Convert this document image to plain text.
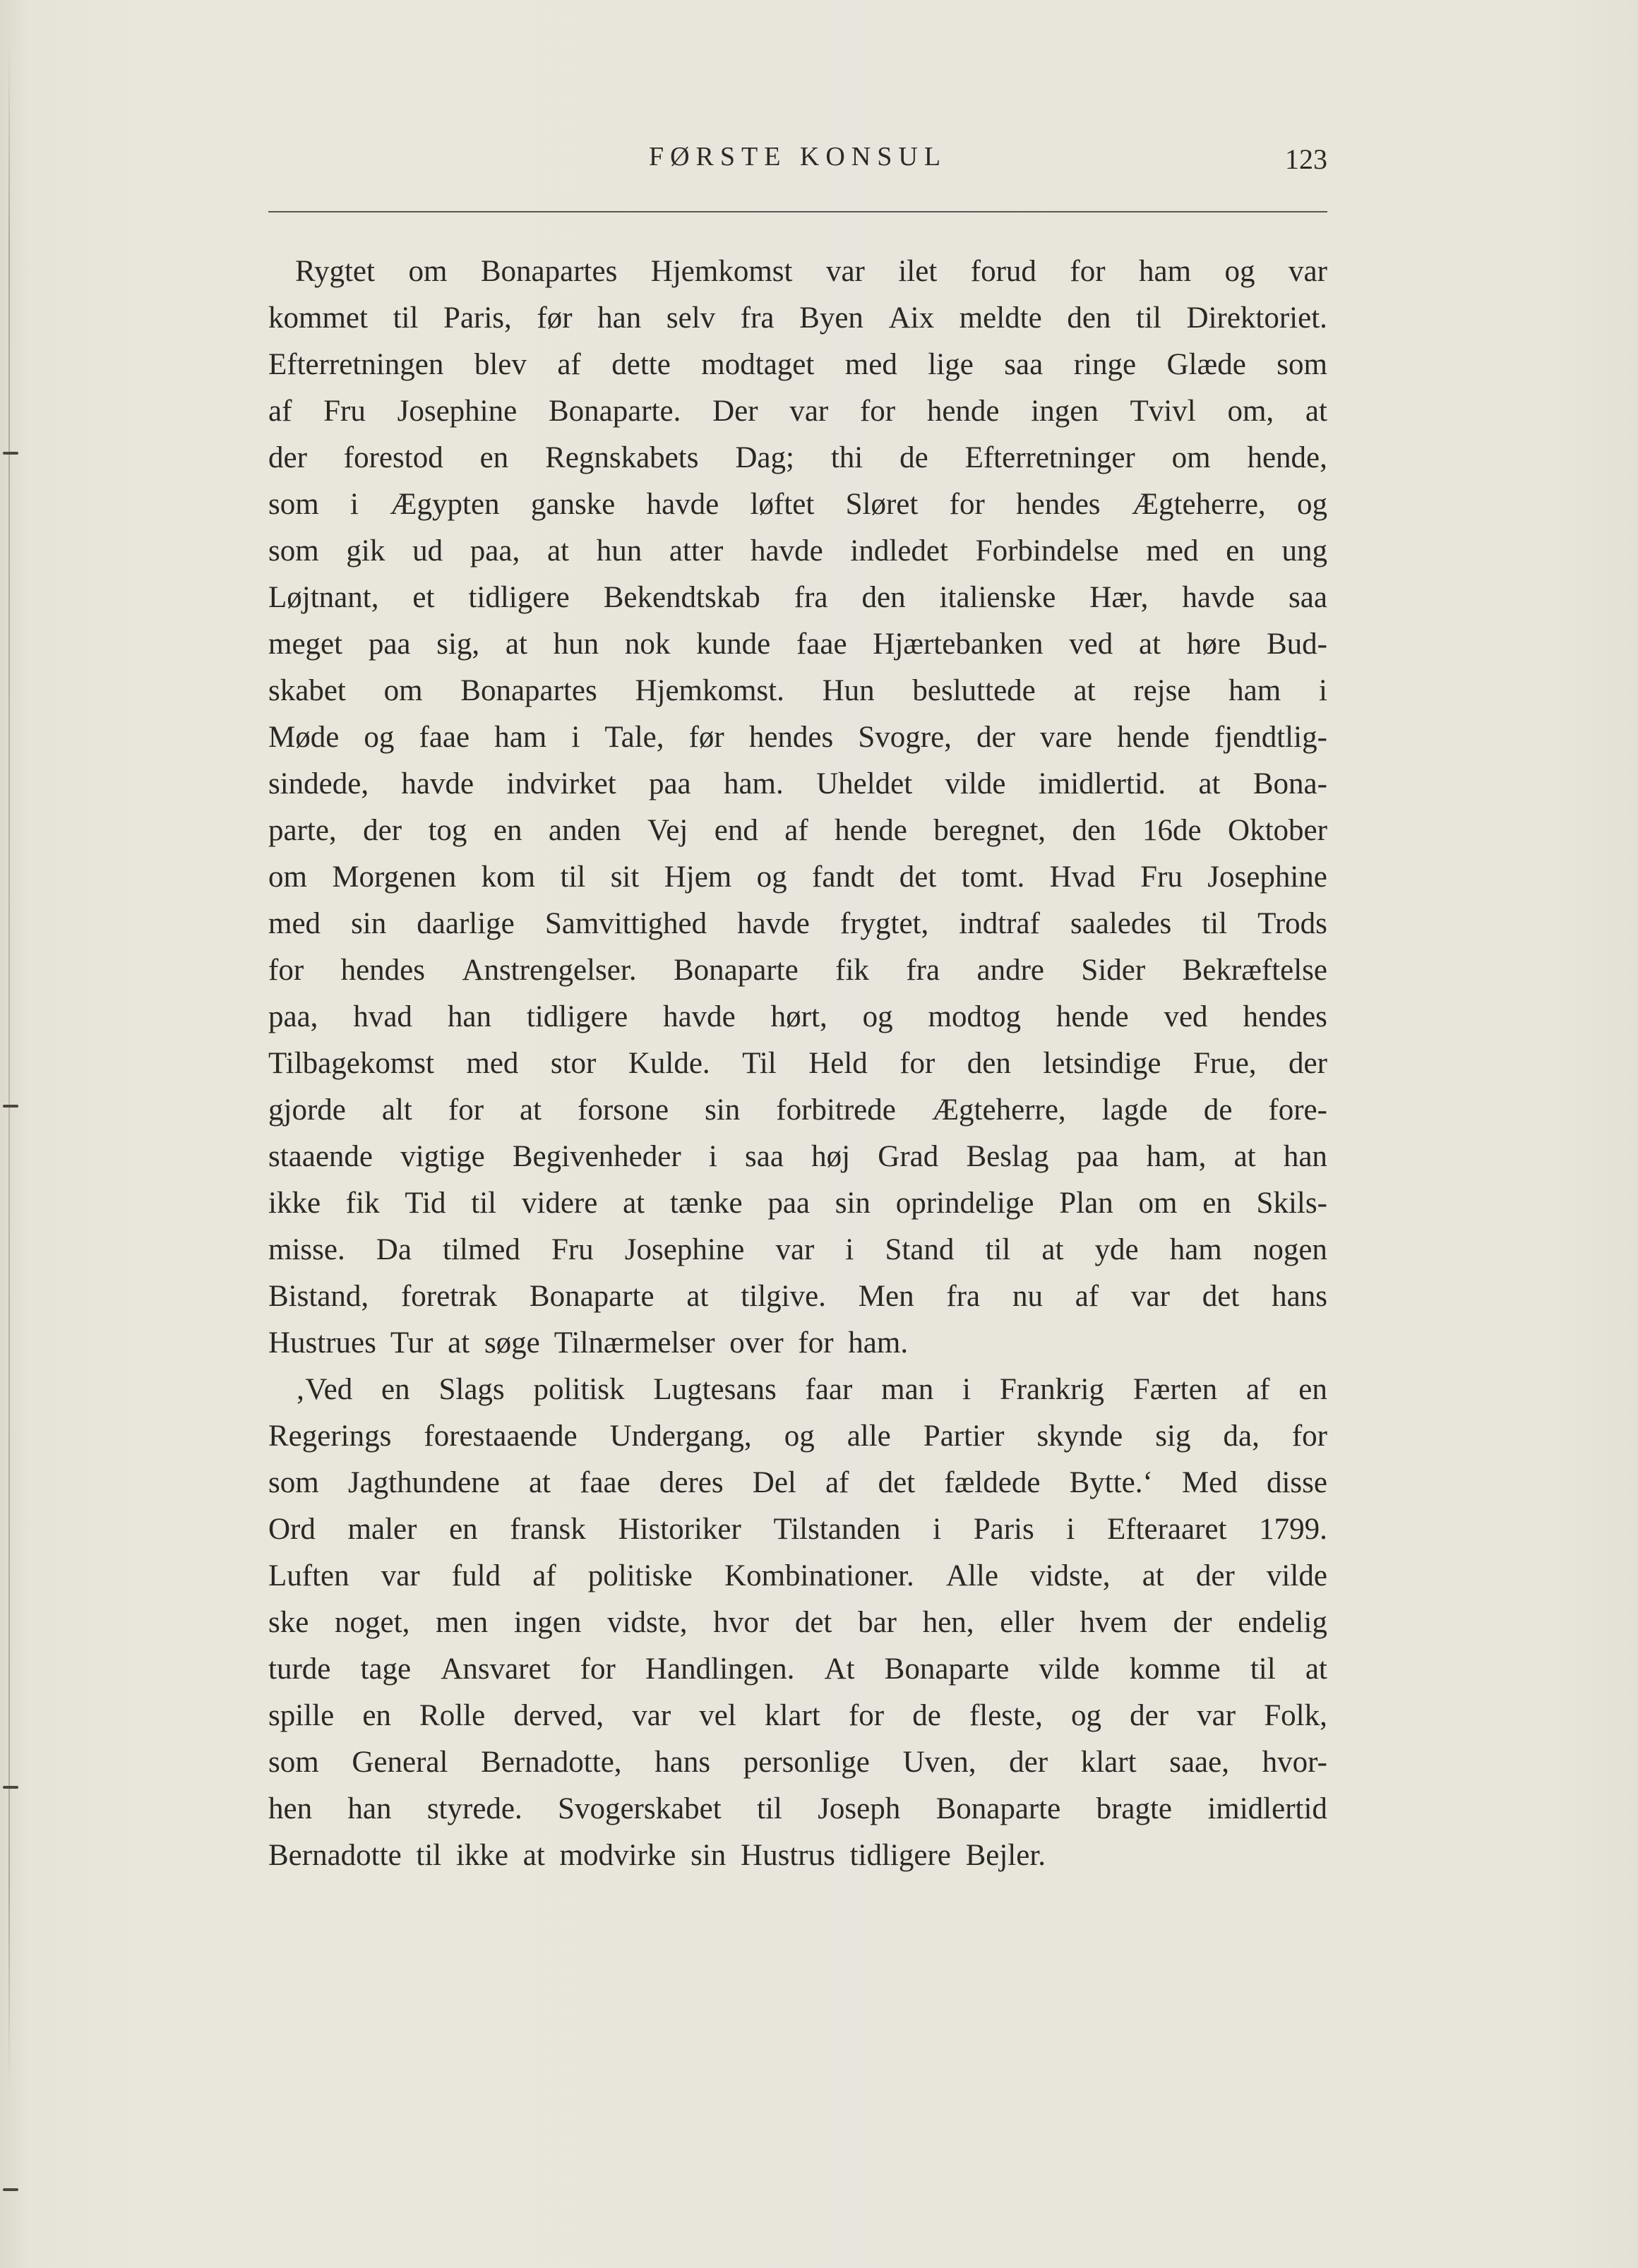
FØRSTE KONSUL	123
Rygtet om Bonapartes Hjemkomst var ilet forud for ham og var
kommet til Paris, før han selv fra Byen Aix meldte den til Direktoriet.
Efterretningen blev af dette modtaget med lige saa ringe Glæde som
af Fru Josephine Bonaparte. Der var for hende ingen Tvivl om, at
der forestod en Regnskabets Dag; thi de Efterretninger om hende,
som i Ægypten ganske havde løftet Sløret for hendes Ægteherre, og
som gik ud paa, at hun atter havde indledet Forbindelse med en ung
Løjtnant, et tidligere Bekendtskab fra den italienske Hær, havde saa
meget paa sig, at hun nok kunde faae Hjærtebanken ved at høre Bud-
skabet om Bonapartes Hjemkomst. Hun besluttede at rejse ham i
Møde og faae ham i Tale, før hendes Svogre, der vare hende fjendtlig-
sindede, havde indvirket paa ham. Uheldet vilde imidlertid. at Bona-
parte, der tog en anden Vej end af hende beregnet, den 16de Oktober
om Morgenen kom til sit Hjem og fandt det tomt. Hvad Fru Josephine
med sin daarlige Samvittighed havde frygtet, indtraf saaledes til Trods
for hendes Anstrengelser. Bonaparte fik fra andre Sider Bekræftelse
paa, hvad han tidligere havde hørt, og modtog hende ved hendes
Tilbagekomst med stor Kulde. Til Held for den letsindige Frue, der
gjorde alt for at forsone sin forbitrede Ægteherre, lagde de fore-
staaende vigtige Begivenheder i saa høj Grad Beslag paa ham, at han
ikke fik Tid til videre at tænke paa sin oprindelige Plan om en Skils-
misse. Da tilmed Fru Josephine var i Stand til at yde ham nogen
Bistand, foretrak Bonaparte at tilgive. Men fra nu af var det hans
Hustrues Tur at søge Tilnærmelser over for ham.
‚Ved en Slags politisk Lugtesans faar man i Frankrig Færten af en
Regerings forestaaende Undergang, og alle Partier skynde sig da, for
som Jagthundene at faae deres Del af det fældede Bytte.‘ Med disse
Ord maler en fransk Historiker Tilstanden i Paris i Efteraaret 1799.
Luften var fuld af politiske Kombinationer. Alle vidste, at der vilde
ske noget, men ingen vidste, hvor det bar hen, eller hvem der endelig
turde tage Ansvaret for Handlingen. At Bonaparte vilde komme til at
spille en Rolle derved, var vel klart for de fleste, og der var Folk,
som General Bernadotte, hans personlige Uven, der klart saae, hvor-
hen han styrede. Svogerskabet til Joseph Bonaparte bragte imidlertid
Bernadotte til ikke at modvirke sin Hustrus tidligere Bejler.
